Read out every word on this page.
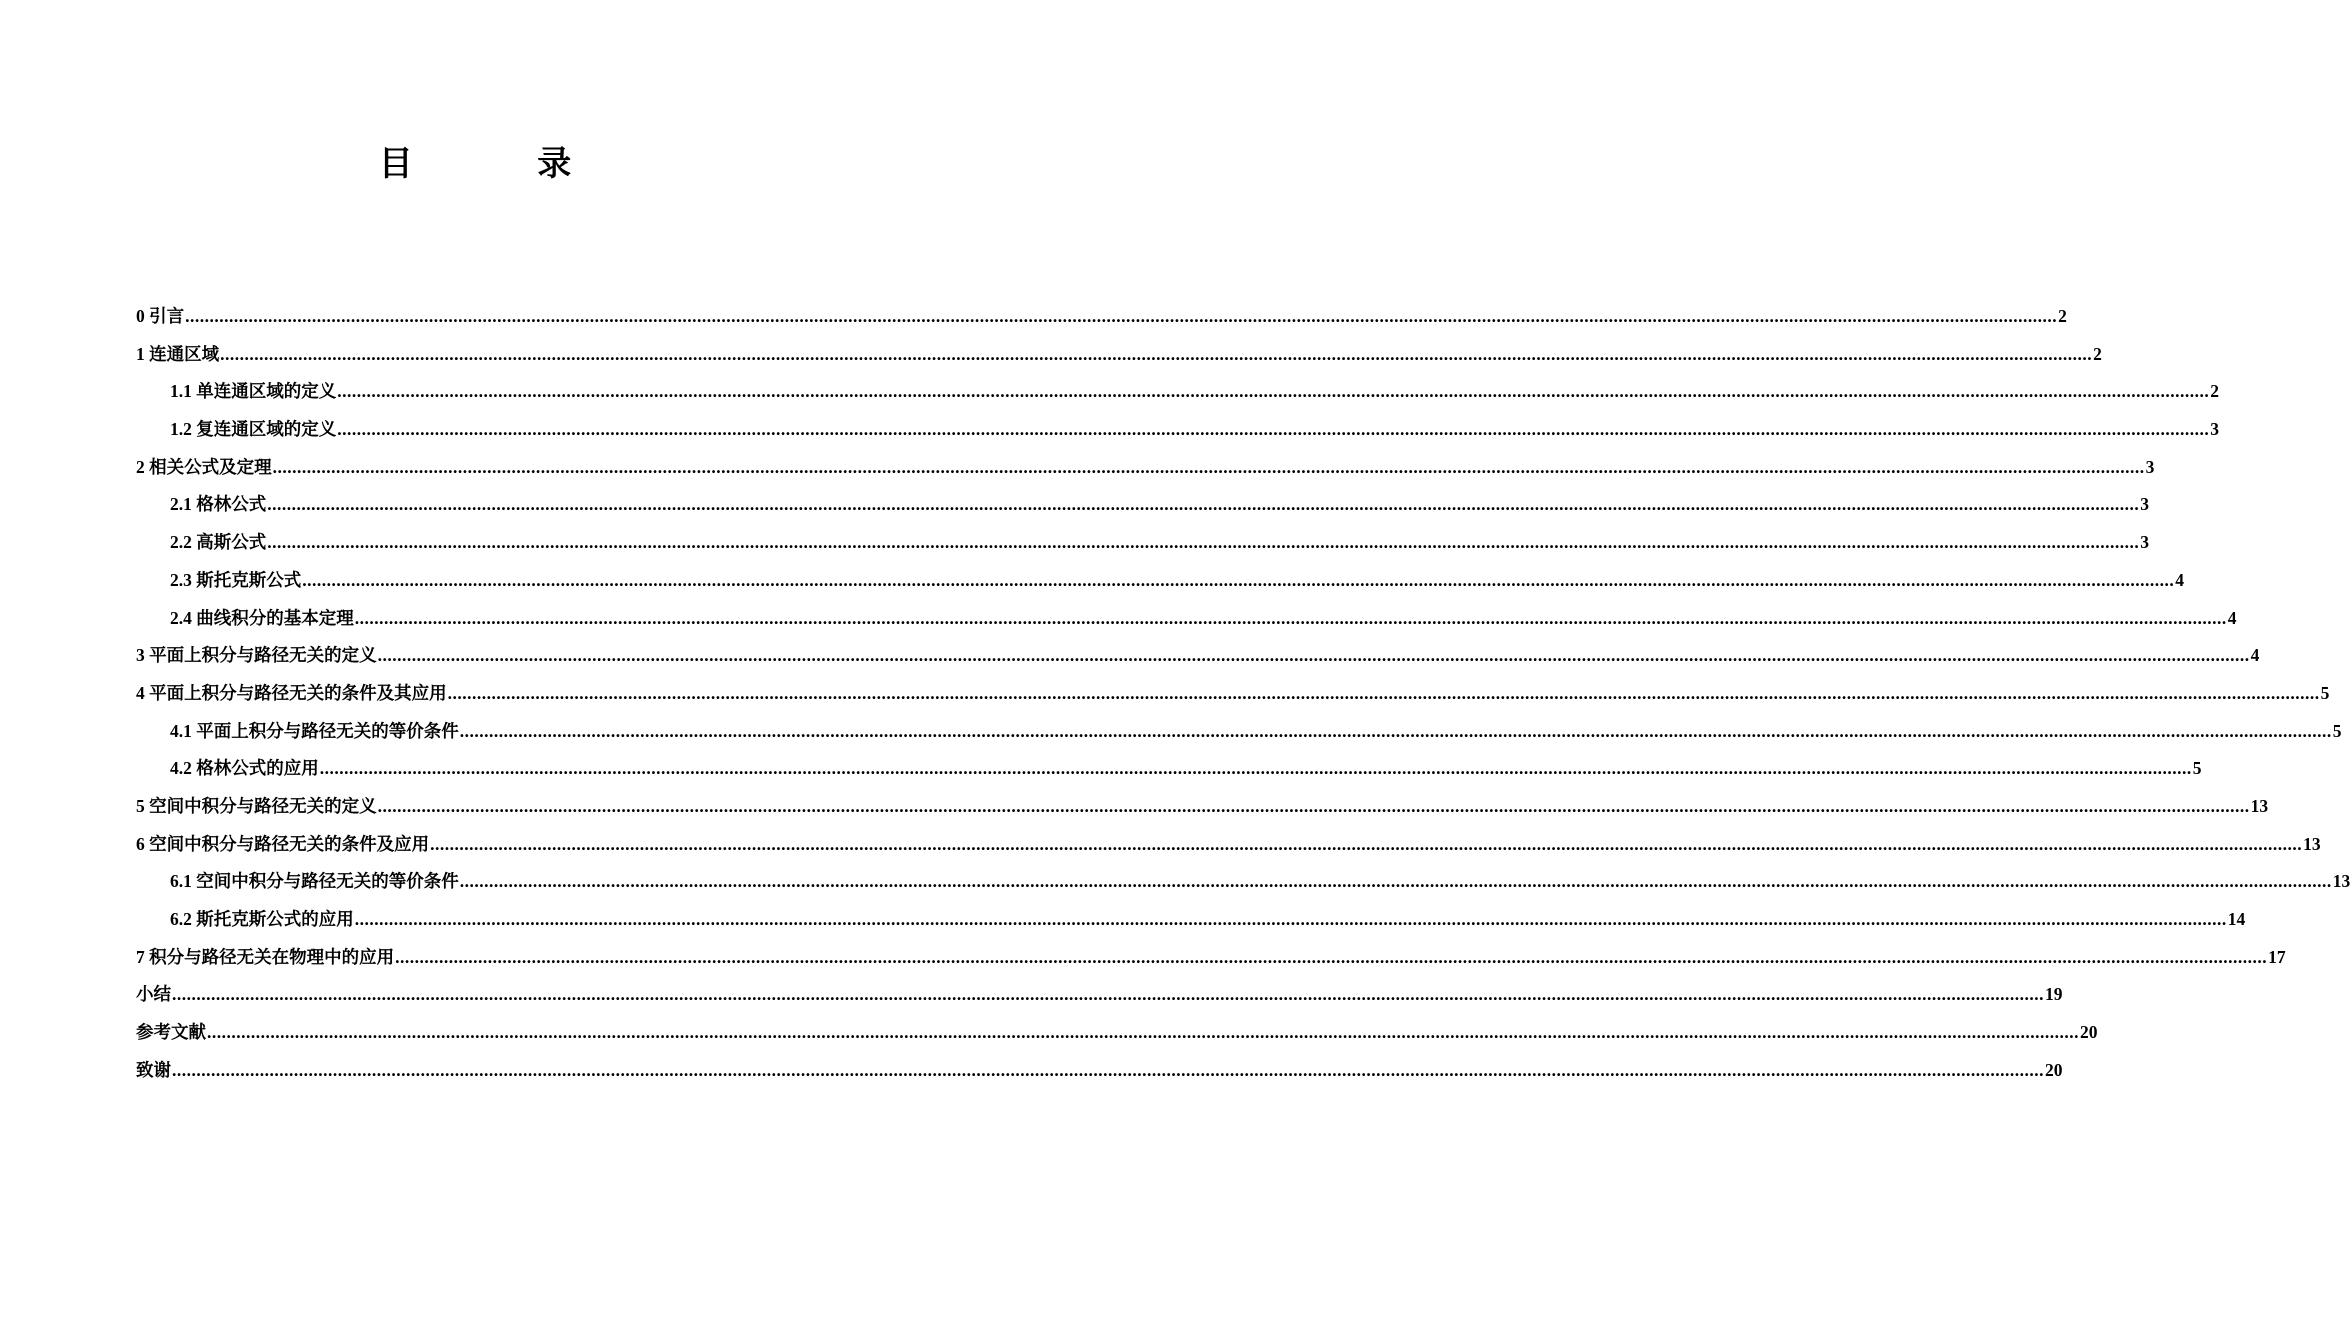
目 录
0 引言 ................................................................................................................................................................................................................................................................................................................................................................................................ 2
1 连通区域 ................................................................................................................................................................................................................................................................................................................................................................................................ 2
1.1 单连通区域的定义 ................................................................................................................................................................................................................................................................................................................................................................................................ 2
1.2 复连通区域的定义 ................................................................................................................................................................................................................................................................................................................................................................................................ 3
2 相关公式及定理 ................................................................................................................................................................................................................................................................................................................................................................................................ 3
2.1 格林公式 ................................................................................................................................................................................................................................................................................................................................................................................................ 3
2.2 高斯公式 ................................................................................................................................................................................................................................................................................................................................................................................................ 3
2.3 斯托克斯公式 ................................................................................................................................................................................................................................................................................................................................................................................................ 4
2.4 曲线积分的基本定理 ................................................................................................................................................................................................................................................................................................................................................................................................ 4
3 平面上积分与路径无关的定义 ................................................................................................................................................................................................................................................................................................................................................................................................ 4
4 平面上积分与路径无关的条件及其应用 ................................................................................................................................................................................................................................................................................................................................................................................................ 5
4.1 平面上积分与路径无关的等价条件 ................................................................................................................................................................................................................................................................................................................................................................................................ 5
4.2 格林公式的应用 ................................................................................................................................................................................................................................................................................................................................................................................................ 5
5 空间中积分与路径无关的定义 ................................................................................................................................................................................................................................................................................................................................................................................................ 13
6 空间中积分与路径无关的条件及应用 ................................................................................................................................................................................................................................................................................................................................................................................................ 13
6.1 空间中积分与路径无关的等价条件 ................................................................................................................................................................................................................................................................................................................................................................................................ 13
6.2 斯托克斯公式的应用 ................................................................................................................................................................................................................................................................................................................................................................................................ 14
7 积分与路径无关在物理中的应用 ................................................................................................................................................................................................................................................................................................................................................................................................ 17
小结 ................................................................................................................................................................................................................................................................................................................................................................................................ 19
参考文献 ................................................................................................................................................................................................................................................................................................................................................................................................ 20
致谢 ................................................................................................................................................................................................................................................................................................................................................................................................ 20
